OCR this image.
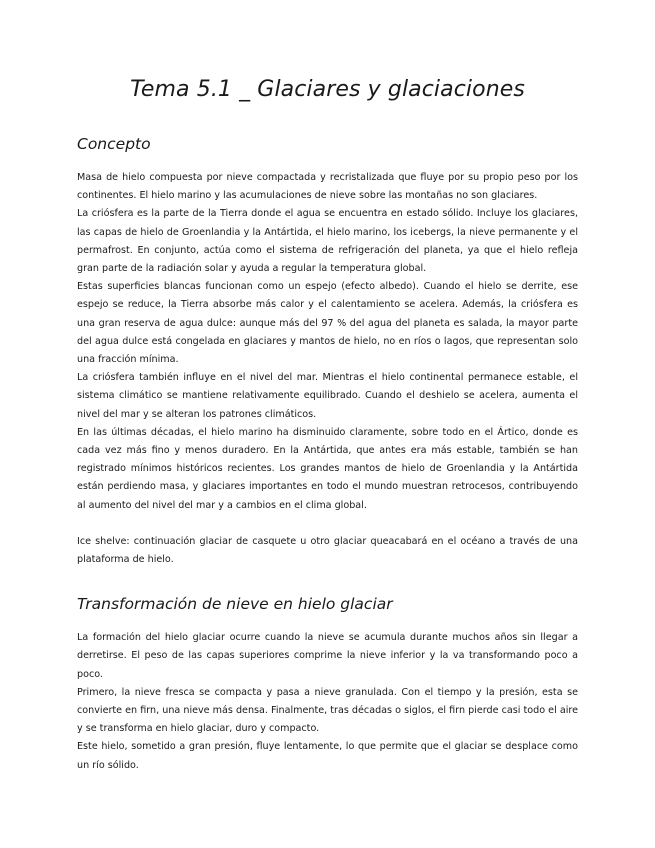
Tema 5.1 _ Glaciares y glaciaciones
Concepto

Masa de hielo compuesta por nieve compactada y recristalizada que fluye por su propio peso por los continentes. El hielo marino y las acumulaciones de nieve sobre las montañas no son glaciares.

La criósfera es la parte de la Tierra donde el agua se encuentra en estado sólido. Incluye los glaciares, las capas de hielo de Groenlandia y la Antártida, el hielo marino, los icebergs, la nieve permanente y el permafrost. En conjunto, actúa como el sistema de refrigeración del planeta, ya que el hielo refleja gran parte de la radiación solar y ayuda a regular la temperatura global.

Estas superficies blancas funcionan como un espejo (efecto albedo). Cuando el hielo se derrite, ese espejo se reduce, la Tierra absorbe más calor y el calentamiento se acelera. Además, la criósfera es una gran reserva de agua dulce: aunque más del 97 % del agua del planeta es salada, la mayor parte del agua dulce está congelada en glaciares y mantos de hielo, no en ríos o lagos, que representan solo una fracción mínima.

La criósfera también influye en el nivel del mar. Mientras el hielo continental permanece estable, el sistema climático se mantiene relativamente equilibrado. Cuando el deshielo se acelera, aumenta el nivel del mar y se alteran los patrones climáticos.

En las últimas décadas, el hielo marino ha disminuido claramente, sobre todo en el Ártico, donde es cada vez más fino y menos duradero. En la Antártida, que antes era más estable, también se han registrado mínimos históricos recientes. Los grandes mantos de hielo de Groenlandia y la Antártida están perdiendo masa, y glaciares importantes en todo el mundo muestran retrocesos, contribuyendo al aumento del nivel del mar y a cambios en el clima global.

Ice shelve: continuación glaciar de casquete u otro glaciar queacabará en el océano a través de una plataforma de hielo.

Transformación de nieve en hielo glaciar

La formación del hielo glaciar ocurre cuando la nieve se acumula durante muchos años sin llegar a derretirse. El peso de las capas superiores comprime la nieve inferior y la va transformando poco a poco.

Primero, la nieve fresca se compacta y pasa a nieve granulada. Con el tiempo y la presión, esta se convierte en firn, una nieve más densa. Finalmente, tras décadas o siglos, el firn pierde casi todo el aire y se transforma en hielo glaciar, duro y compacto.

Este hielo, sometido a gran presión, fluye lentamente, lo que permite que el glaciar se desplace como un río sólido.
